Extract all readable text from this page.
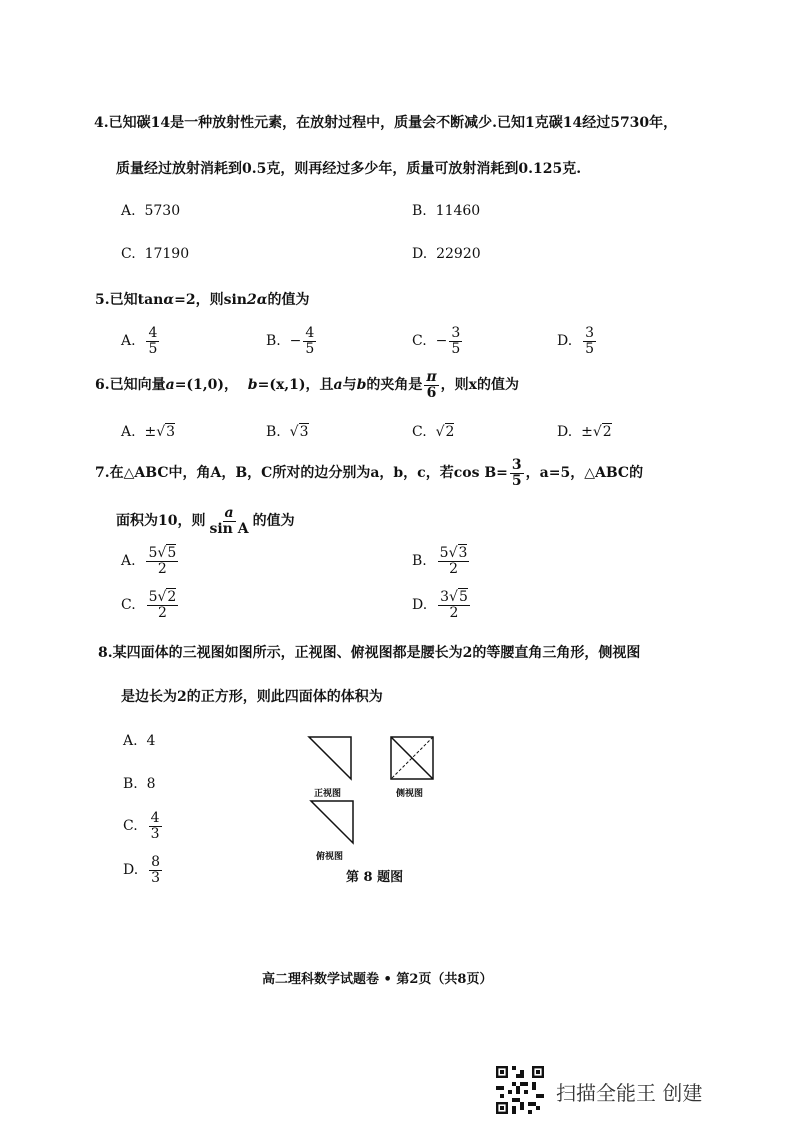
4.已知碳14是一种放射性元素，在放射过程中，质量会不断减少.已知1克碳14经过5730年，
质量经过放射消耗到0.5克，则再经过多少年，质量可放射消耗到0.125克.
A. 5730	B. 11460
C. 17190	D. 22920
5.已知tanα=2，则sin2α的值为
A. $\frac{4}{5}$	B. − $\frac{4}{5}$	C. − $\frac{3}{5}$	D. $\frac{3}{5}$
6.已知向量a=(1,0)， b=(x,1)，且a与b的夹角是 $\frac{\pi}{6}$ ，则x的值为
A. ±√3	B. √3	C. √2	D. ±√2
7.在△ABC中，角A，B，C所对的边分别为a，b，c，若$\cos B= \frac{3}{5}$ ，a=5，△ABC的
面积为10，则 $\frac{a}{\text{sin A}}$ 的值为
A. $\frac{5√5}{2}$	B. $\frac{5√3}{2}$
C. $\frac{5√2}{2}$	D. $\frac{3√5}{2}$
8.某四面体的三视图如图所示，正视图、俯视图都是腰长为2的等腰直角三角形，侧视图
是边长为2的正方形，则此四面体的体积为
A. 4
B. 8
C. $\frac{4}{3}$
D. $\frac{8}{3}$
正视图	侧视图
俯视图
第 8 题图
高二理科数学试题卷 • 第2页（共8页）
扫描全能王 创建
